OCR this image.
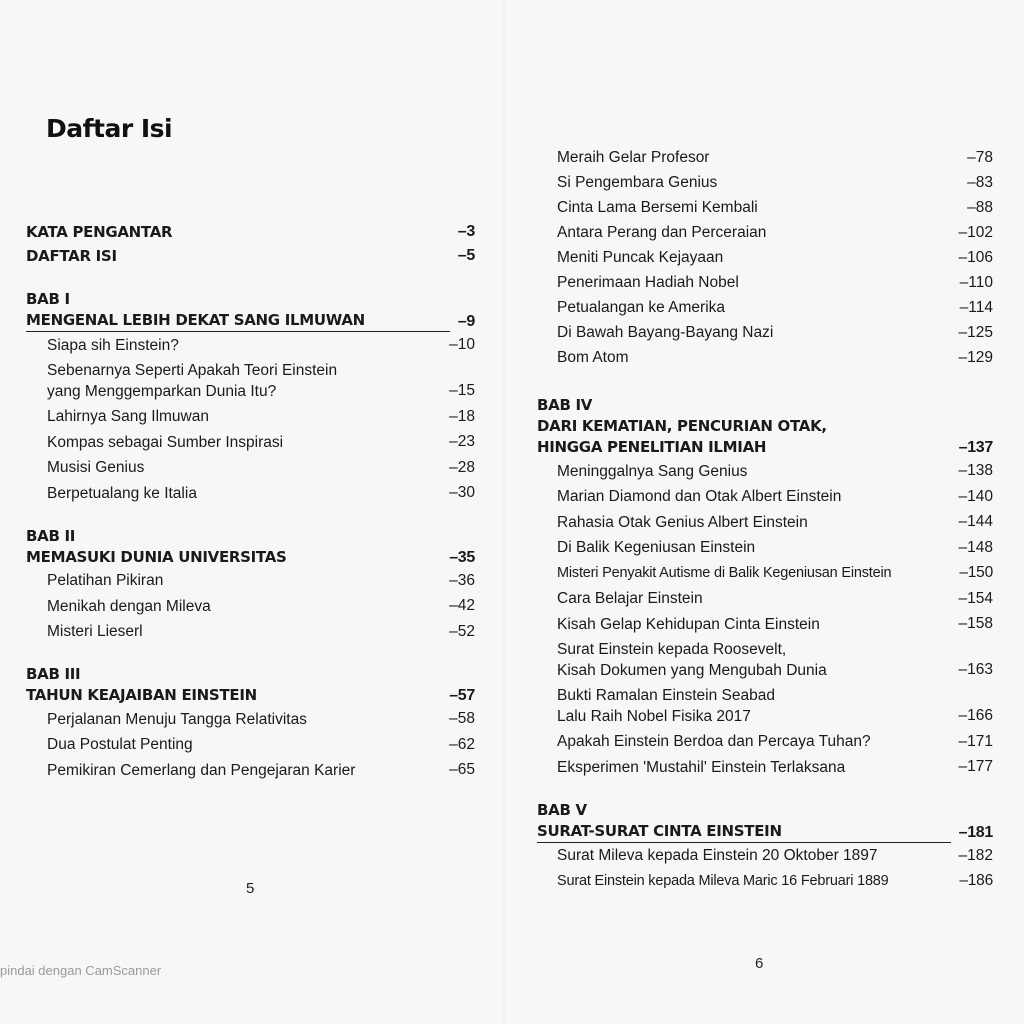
Daftar Isi
KATA PENGANTAR	–3
DAFTAR ISI	–5
BAB I
MENGENAL LEBIH DEKAT SANG ILMUWAN	–9
Siapa sih Einstein?	–10
Sebenarnya Seperti Apakah Teori Einstein
yang Menggemparkan Dunia Itu?	–15
Lahirnya Sang Ilmuwan	–18
Kompas sebagai Sumber Inspirasi	–23
Musisi Genius	–28
Berpetualang ke Italia	–30
BAB II
MEMASUKI DUNIA UNIVERSITAS	–35
Pelatihan Pikiran	–36
Menikah dengan Mileva	–42
Misteri Lieserl	–52
BAB III
TAHUN KEAJAIBAN EINSTEIN	–57
Perjalanan Menuju Tangga Relativitas	–58
Dua Postulat Penting	–62
Pemikiran Cemerlang dan Pengejaran Karier	–65
5
Meraih Gelar Profesor	–78
Si Pengembara Genius	–83
Cinta Lama Bersemi Kembali	–88
Antara Perang dan Perceraian	–102
Meniti Puncak Kejayaan	–106
Penerimaan Hadiah Nobel	–110
Petualangan ke Amerika	–114
Di Bawah Bayang-Bayang Nazi	–125
Bom Atom	–129
BAB IV
DARI KEMATIAN, PENCURIAN OTAK,
HINGGA PENELITIAN ILMIAH	–137
Meninggalnya Sang Genius	–138
Marian Diamond dan Otak Albert Einstein	–140
Rahasia Otak Genius Albert Einstein	–144
Di Balik Kegeniusan Einstein	–148
Misteri Penyakit Autisme di Balik Kegeniusan Einstein	–150
Cara Belajar Einstein	–154
Kisah Gelap Kehidupan Cinta Einstein	–158
Surat Einstein kepada Roosevelt,
Kisah Dokumen yang Mengubah Dunia	–163
Bukti Ramalan Einstein Seabad
Lalu Raih Nobel Fisika 2017	–166
Apakah Einstein Berdoa dan Percaya Tuhan?	–171
Eksperimen 'Mustahil' Einstein Terlaksana	–177
BAB V
SURAT-SURAT CINTA EINSTEIN	–181
Surat Mileva kepada Einstein 20 Oktober 1897	–182
Surat Einstein kepada Mileva Maric 16 Februari 1889	–186
6
pindai dengan CamScanner
